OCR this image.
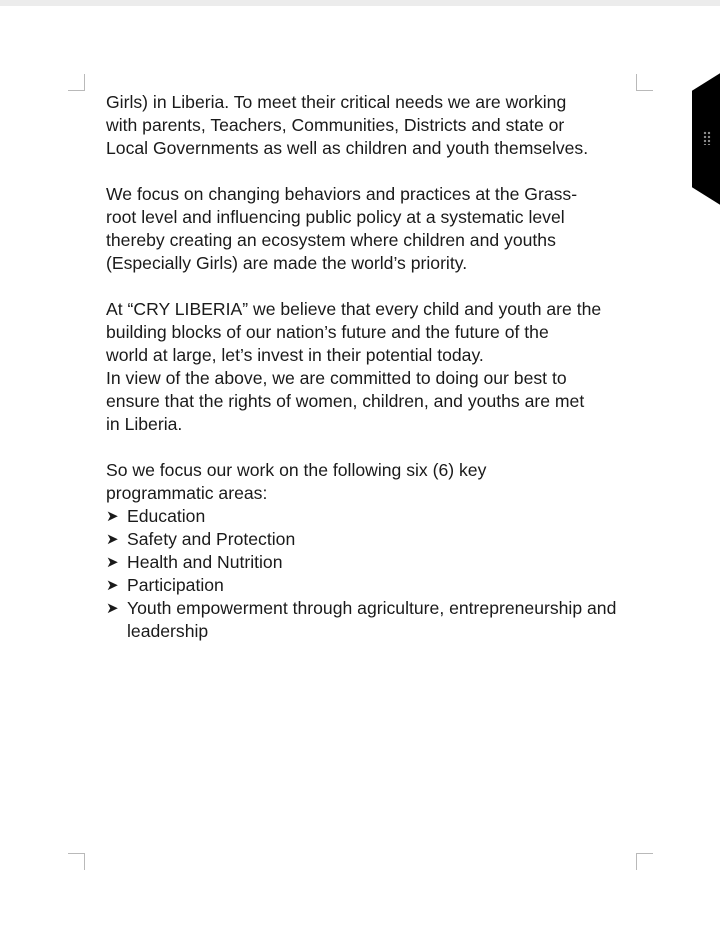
Girls) in Liberia. To meet their critical needs we are working
with parents, Teachers, Communities, Districts and state or
Local Governments as well as children and youth themselves.

We focus on changing behaviors and practices at the Grass-
root level and influencing public policy at a systematic level
thereby creating an ecosystem where children and youths
(Especially Girls) are made the world’s priority.

At “CRY LIBERIA” we believe that every child and youth are the
building blocks of our nation’s future and the future of the
world at large, let’s invest in their potential today.
In view of the above, we are committed to doing our best to
ensure that the rights of women, children, and youths are met
in Liberia.

So we focus our work on the following six (6) key
programmatic areas:

➤ Education
➤ Safety and Protection
➤ Health and Nutrition
➤ Participation
➤ Youth empowerment through agriculture, entrepreneurship and leadership
